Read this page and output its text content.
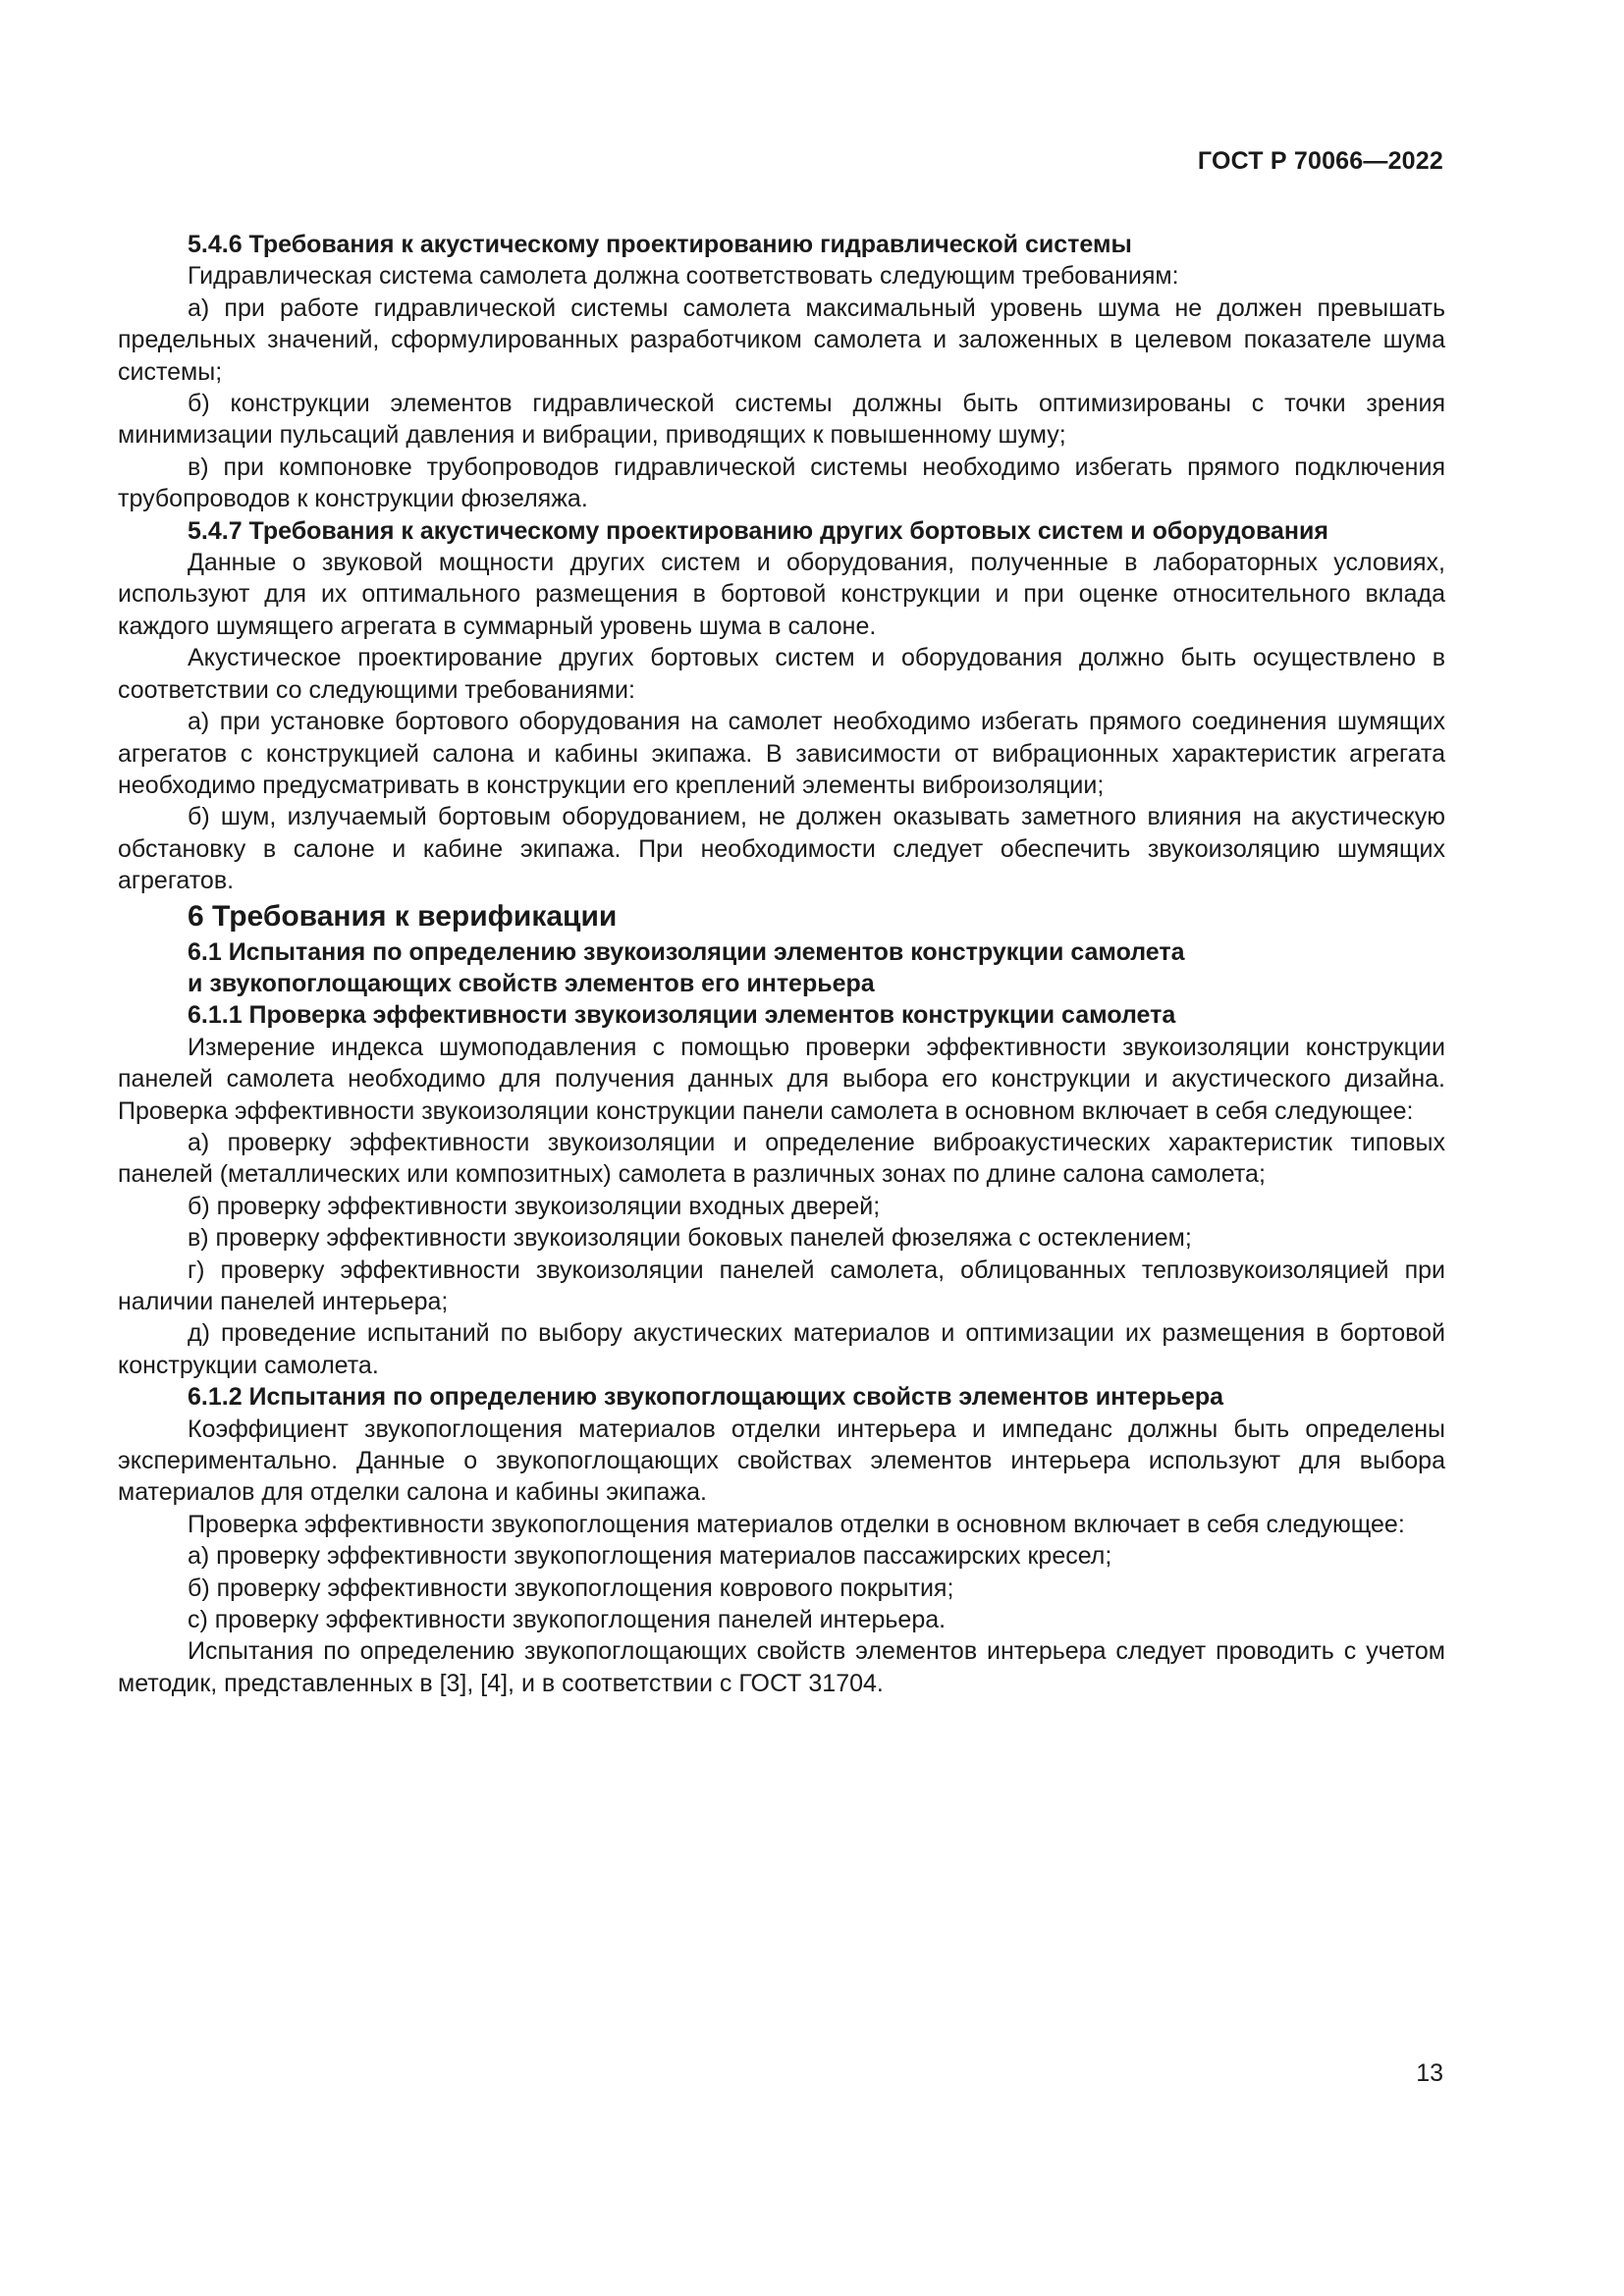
ГОСТ Р 70066—2022

5.4.6 Требования к акустическому проектированию гидравлической системы

Гидравлическая система самолета должна соответствовать следующим требованиям:

а) при работе гидравлической системы самолета максимальный уровень шума не должен превышать предельных значений, сформулированных разработчиком самолета и заложенных в целевом показателе шума системы;

б) конструкции элементов гидравлической системы должны быть оптимизированы с точки зрения минимизации пульсаций давления и вибрации, приводящих к повышенному шуму;

в) при компоновке трубопроводов гидравлической системы необходимо избегать прямого подключения трубопроводов к конструкции фюзеляжа.

5.4.7 Требования к акустическому проектированию других бортовых систем и оборудования

Данные о звуковой мощности других систем и оборудования, полученные в лабораторных условиях, используют для их оптимального размещения в бортовой конструкции и при оценке относительного вклада каждого шумящего агрегата в суммарный уровень шума в салоне.

Акустическое проектирование других бортовых систем и оборудования должно быть осуществлено в соответствии со следующими требованиями:

а) при установке бортового оборудования на самолет необходимо избегать прямого соединения шумящих агрегатов с конструкцией салона и кабины экипажа. В зависимости от вибрационных характеристик агрегата необходимо предусматривать в конструкции его креплений элементы виброизоляции;

б) шум, излучаемый бортовым оборудованием, не должен оказывать заметного влияния на акустическую обстановку в салоне и кабине экипажа. При необходимости следует обеспечить звукоизоляцию шумящих агрегатов.

6 Требования к верификации

6.1 Испытания по определению звукоизоляции элементов конструкции самолета
и звукопоглощающих свойств элементов его интерьера

6.1.1 Проверка эффективности звукоизоляции элементов конструкции самолета

Измерение индекса шумоподавления с помощью проверки эффективности звукоизоляции конструкции панелей самолета необходимо для получения данных для выбора его конструкции и акустического дизайна. Проверка эффективности звукоизоляции конструкции панели самолета в основном включает в себя следующее:

а) проверку эффективности звукоизоляции и определение виброакустических характеристик типовых панелей (металлических или композитных) самолета в различных зонах по длине салона самолета;

б) проверку эффективности звукоизоляции входных дверей;

в) проверку эффективности звукоизоляции боковых панелей фюзеляжа с остеклением;

г) проверку эффективности звукоизоляции панелей самолета, облицованных теплозвукоизоляцией при наличии панелей интерьера;

д) проведение испытаний по выбору акустических материалов и оптимизации их размещения в бортовой конструкции самолета.

6.1.2 Испытания по определению звукопоглощающих свойств элементов интерьера

Коэффициент звукопоглощения материалов отделки интерьера и импеданс должны быть определены экспериментально. Данные о звукопоглощающих свойствах элементов интерьера используют для выбора материалов для отделки салона и кабины экипажа.

Проверка эффективности звукопоглощения материалов отделки в основном включает в себя следующее:

а) проверку эффективности звукопоглощения материалов пассажирских кресел;

б) проверку эффективности звукопоглощения коврового покрытия;

с) проверку эффективности звукопоглощения панелей интерьера.

Испытания по определению звукопоглощающих свойств элементов интерьера следует проводить с учетом методик, представленных в [3], [4], и в соответствии с ГОСТ 31704.

13
